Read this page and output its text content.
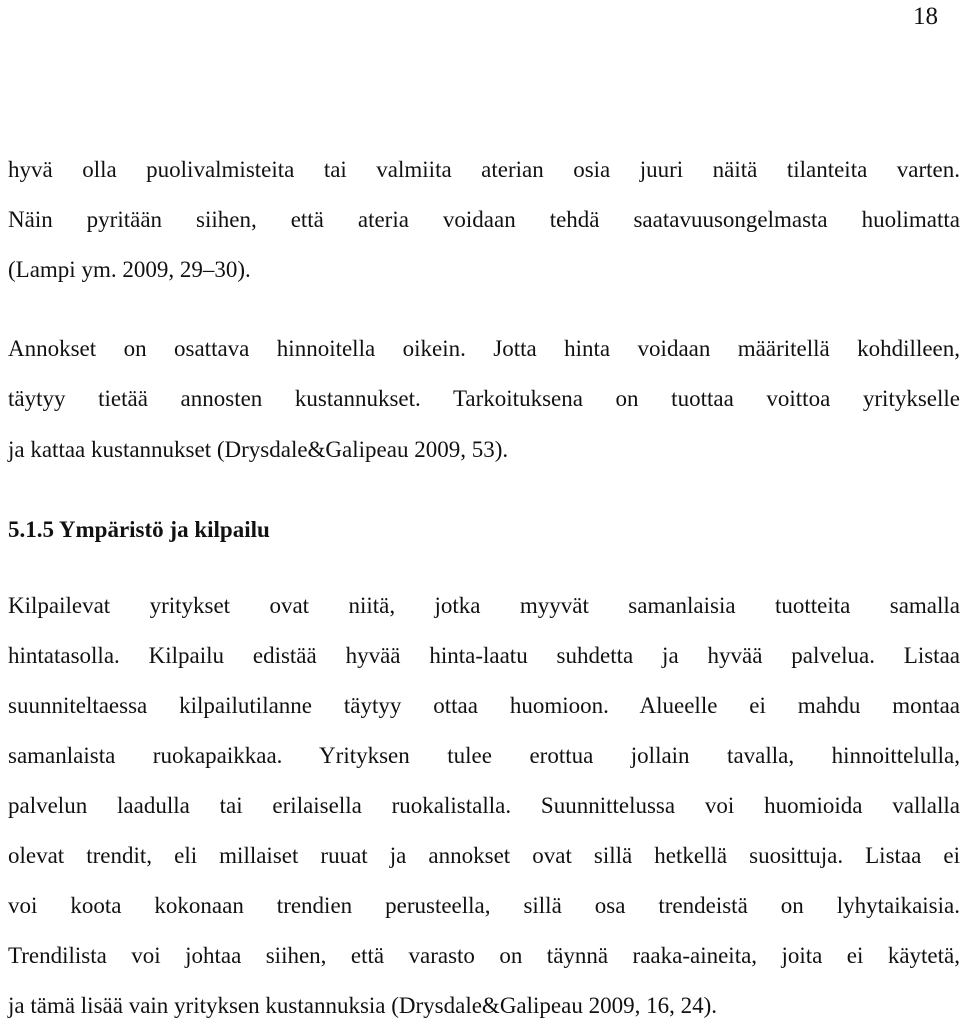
18
hyvä olla puolivalmisteita tai valmiita aterian osia juuri näitä tilanteita varten.
Näin pyritään siihen, että ateria voidaan tehdä saatavuusongelmasta huolimatta
(Lampi ym. 2009, 29–30).
Annokset on osattava hinnoitella oikein. Jotta hinta voidaan määritellä kohdilleen,
täytyy tietää annosten kustannukset. Tarkoituksena on tuottaa voittoa yritykselle
ja kattaa kustannukset (Drysdale&Galipeau 2009, 53).
5.1.5 Ympäristö ja kilpailu
Kilpailevat yritykset ovat niitä, jotka myyvät samanlaisia tuotteita samalla
hintatasolla. Kilpailu edistää hyvää hinta-laatu suhdetta ja hyvää palvelua. Listaa
suunniteltaessa kilpailutilanne täytyy ottaa huomioon. Alueelle ei mahdu montaa
samanlaista ruokapaikkaa. Yrityksen tulee erottua jollain tavalla, hinnoittelulla,
palvelun laadulla tai erilaisella ruokalistalla. Suunnittelussa voi huomioida vallalla
olevat trendit, eli millaiset ruuat ja annokset ovat sillä hetkellä suosittuja. Listaa ei
voi koota kokonaan trendien perusteella, sillä osa trendeistä on lyhytaikaisia.
Trendilista voi johtaa siihen, että varasto on täynnä raaka-aineita, joita ei käytetä,
ja tämä lisää vain yrityksen kustannuksia (Drysdale&Galipeau 2009, 16, 24).
